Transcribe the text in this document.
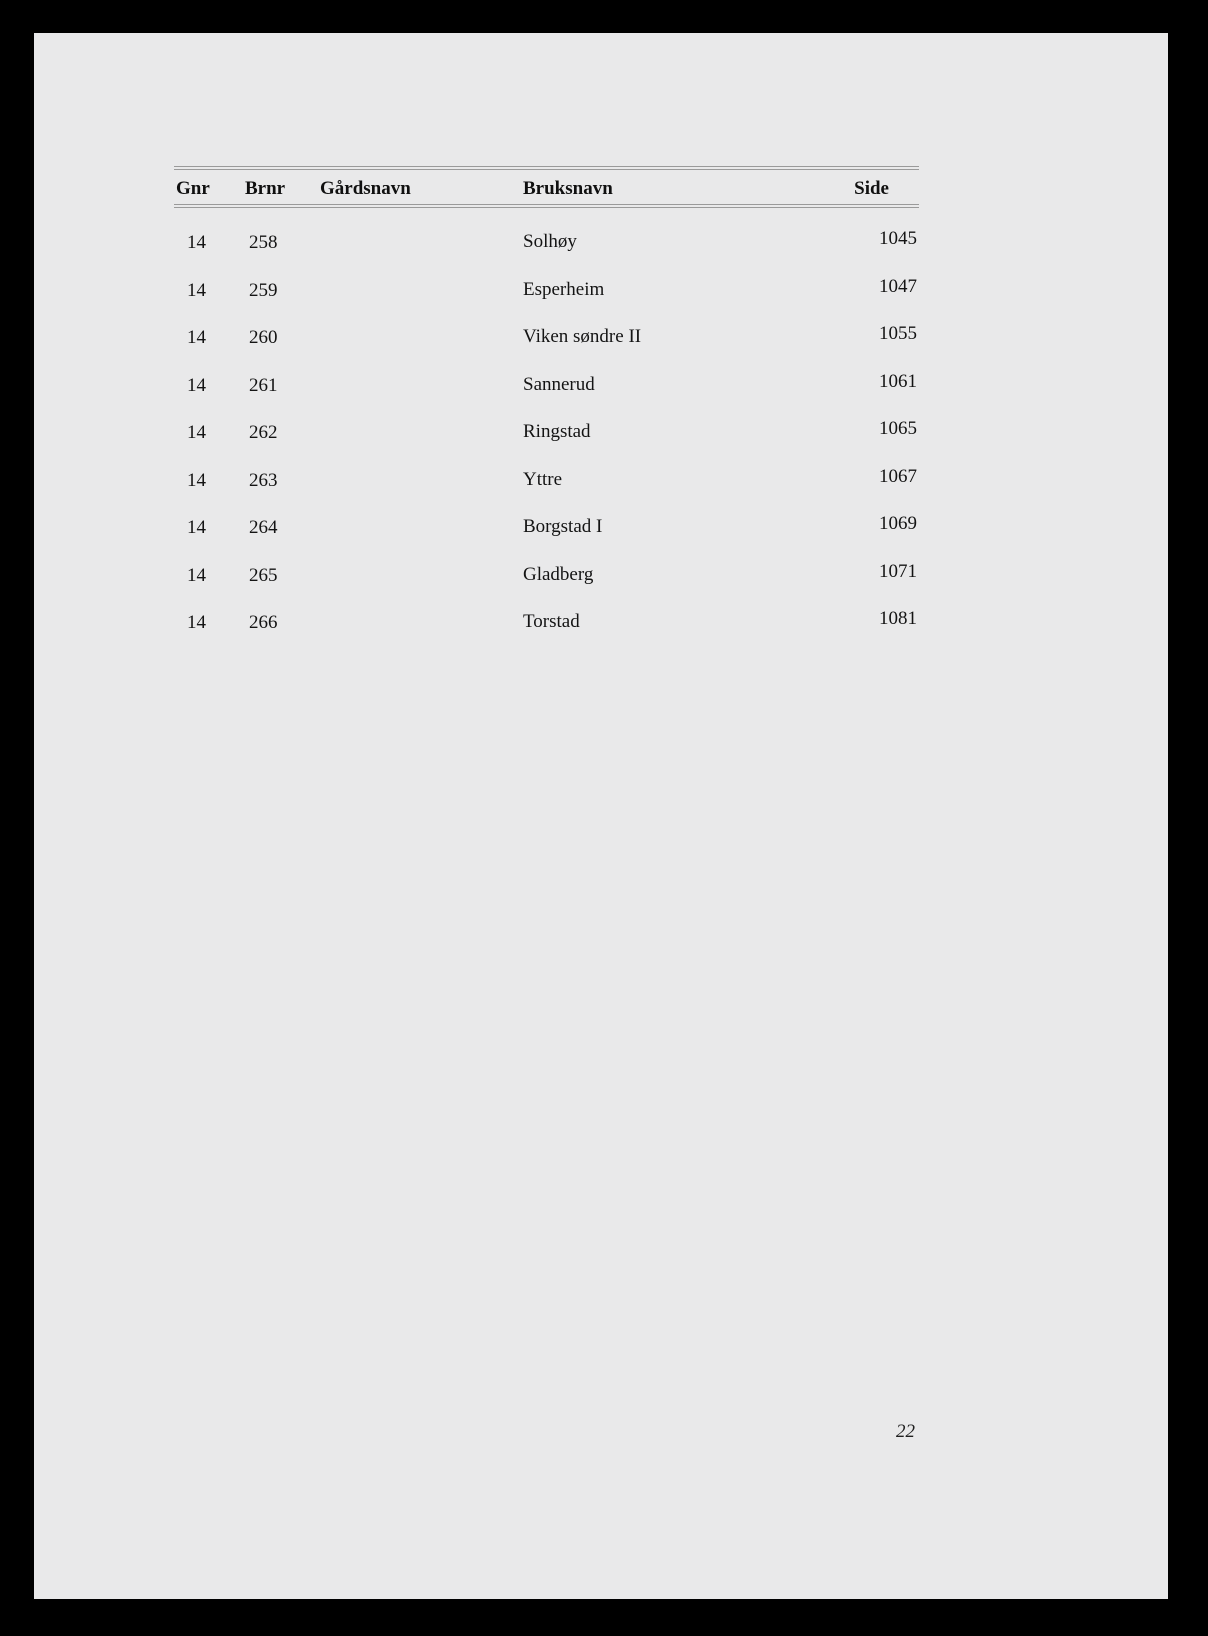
Gnr Brnr Gårdsnavn	Bruksnavn	Side
14 258	Solhøy	1045
14 259	Esperheim	1047
14 260	Viken søndre II	1055
14 261	Sannerud	1061
14 262	Ringstad	1065
14 263	Yttre	1067
14 264	Borgstad I	1069
14 265	Gladberg	1071
14 266	Torstad	1081
22
